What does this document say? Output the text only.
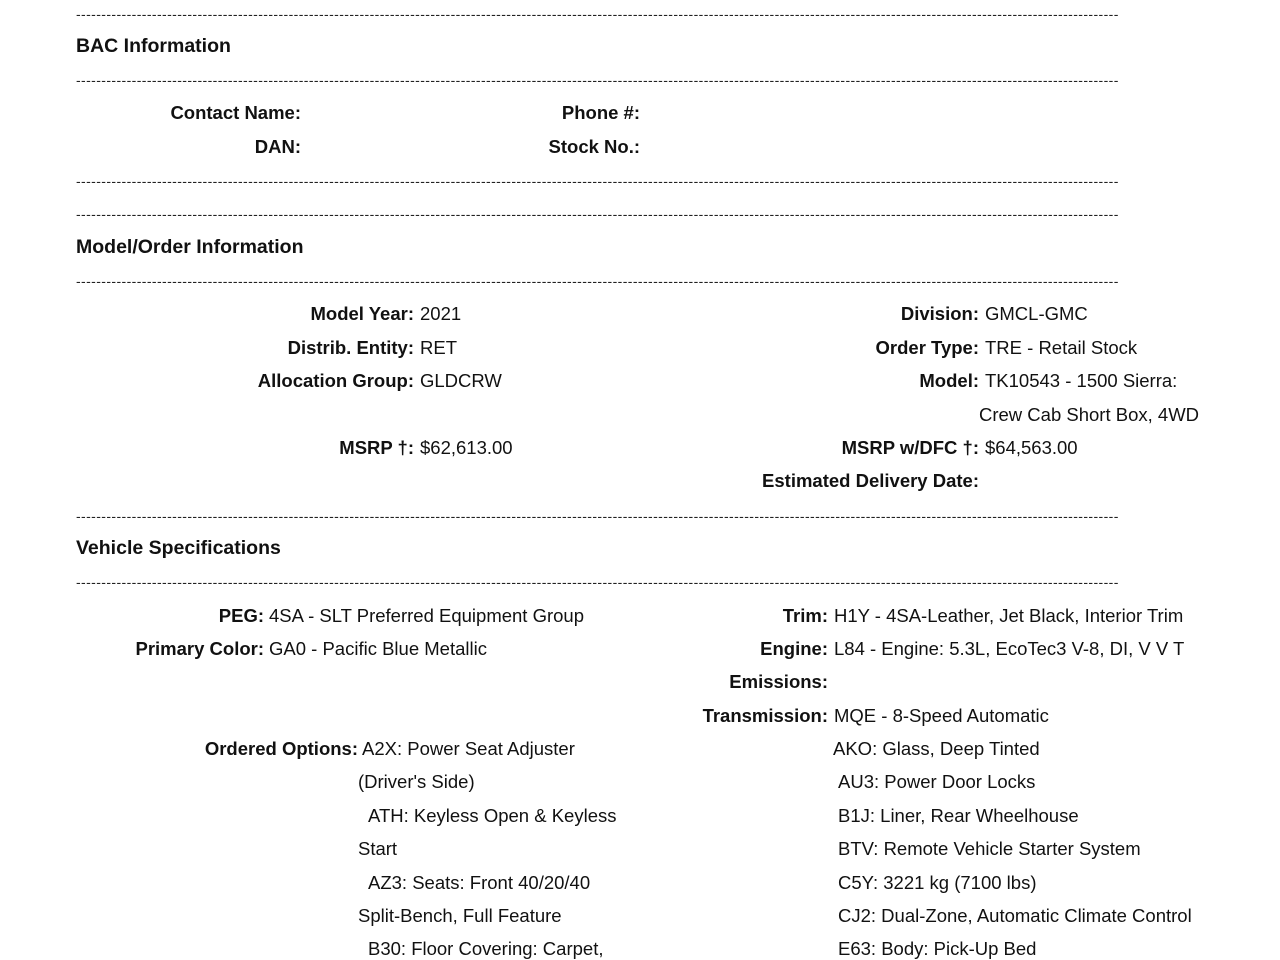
--------------------------------------------------------------------------------------------------------------------------------------------------------------------------------------------------------------
--------------------------------------------------------------------------------------------------------------------------------------------------------------------------------------------------------------
--------------------------------------------------------------------------------------------------------------------------------------------------------------------------------------------------------------
--------------------------------------------------------------------------------------------------------------------------------------------------------------------------------------------------------------
--------------------------------------------------------------------------------------------------------------------------------------------------------------------------------------------------------------
--------------------------------------------------------------------------------------------------------------------------------------------------------------------------------------------------------------
--------------------------------------------------------------------------------------------------------------------------------------------------------------------------------------------------------------
BAC Information
Contact Name:	Phone #:
DAN:	Stock No.:
Model/Order Information
Model Year: 2021
Distrib. Entity: RET
Allocation Group: GLDCRW
MSRP †: $62,613.00
Division: GMCL-GMC
Order Type: TRE - Retail Stock
Model: TK10543 - 1500 Sierra:
Crew Cab Short Box, 4WD
MSRP w/DFC †: $64,563.00
Estimated Delivery Date:
Vehicle Specifications
PEG: 4SA - SLT Preferred Equipment Group
Primary Color: GA0 - Pacific Blue Metallic
Trim: H1Y - 4SA-Leather, Jet Black, Interior Trim
Engine: L84 - Engine: 5.3L, EcoTec3 V-8, DI, V V T
Emissions:
Transmission: MQE - 8-Speed Automatic
Ordered Options: A2X: Power Seat Adjuster
(Driver's Side)
ATH: Keyless Open & Keyless
Start
AZ3: Seats: Front 40/20/40
Split-Bench, Full Feature
B30: Floor Covering: Carpet,
AKO: Glass, Deep Tinted
AU3: Power Door Locks
B1J: Liner, Rear Wheelhouse
BTV: Remote Vehicle Starter System
C5Y: 3221 kg (7100 lbs)
CJ2: Dual-Zone, Automatic Climate Control
E63: Body: Pick-Up Bed
